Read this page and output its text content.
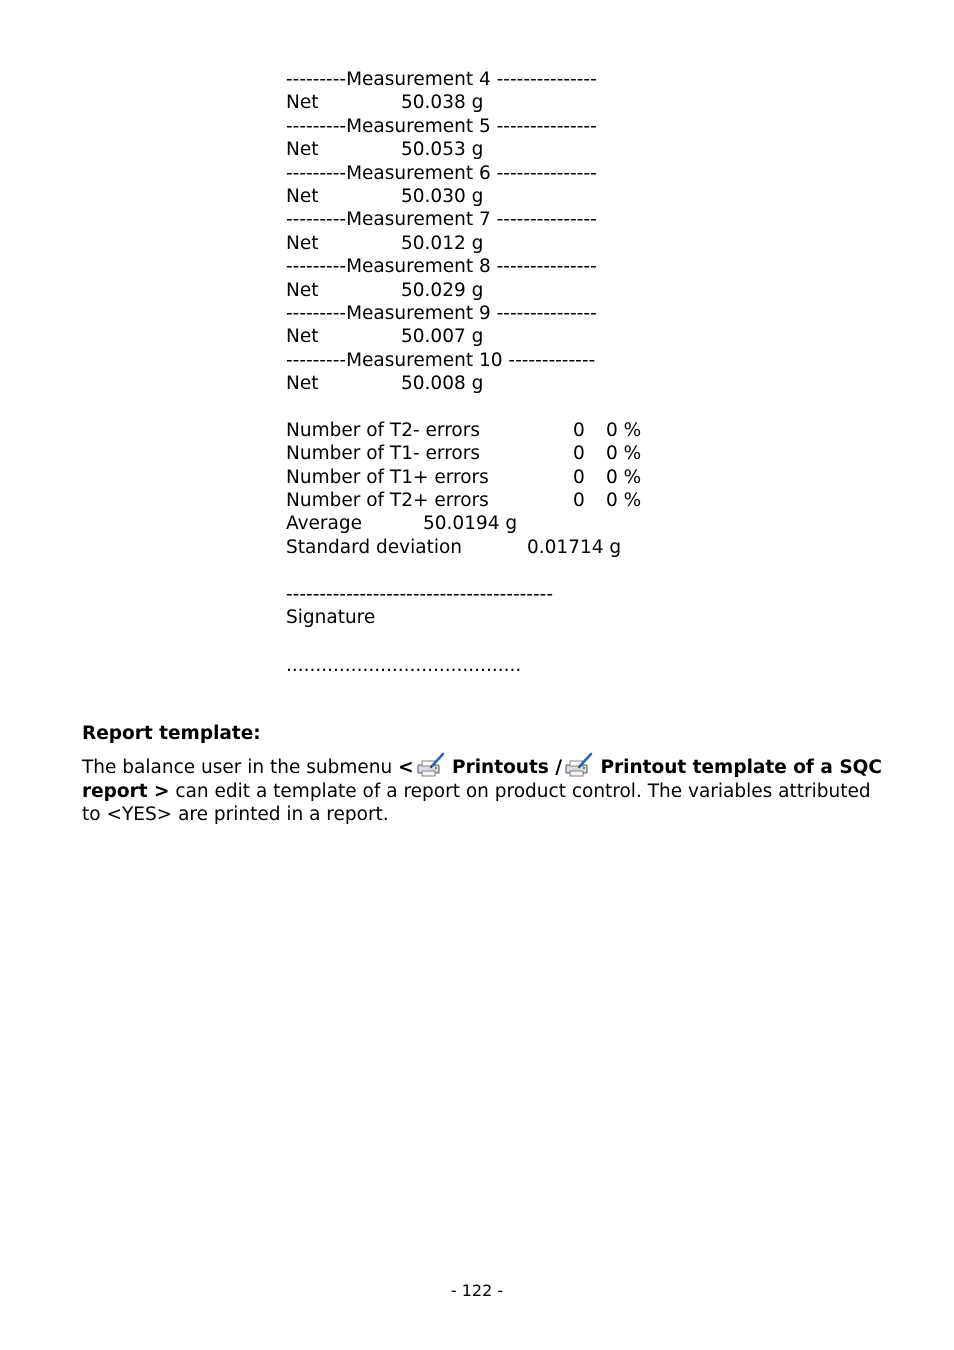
---------Measurement 4 ---------------
Net	50.038 g
---------Measurement 5 ---------------
Net	50.053 g
---------Measurement 6 ---------------
Net	50.030 g
---------Measurement 7 ---------------
Net	50.012 g
---------Measurement 8 ---------------
Net	50.029 g
---------Measurement 9 ---------------
Net	50.007 g
---------Measurement 10 -------------
Net	50.008 g
Number of T2- errors	0 0 %
Number of T1- errors	0 0 %
Number of T1+ errors	0 0 %
Number of T2+ errors	0 0 %
Average	50.0194 g
Standard deviation	0.01714 g
----------------------------------------
Signature
........................................
Report template:

The balance user in the submenu <
Printouts /
Printout template of a SQC report > can edit a template of a report on product control. The variables attributed to <YES> are printed in a report.

- 122 -
